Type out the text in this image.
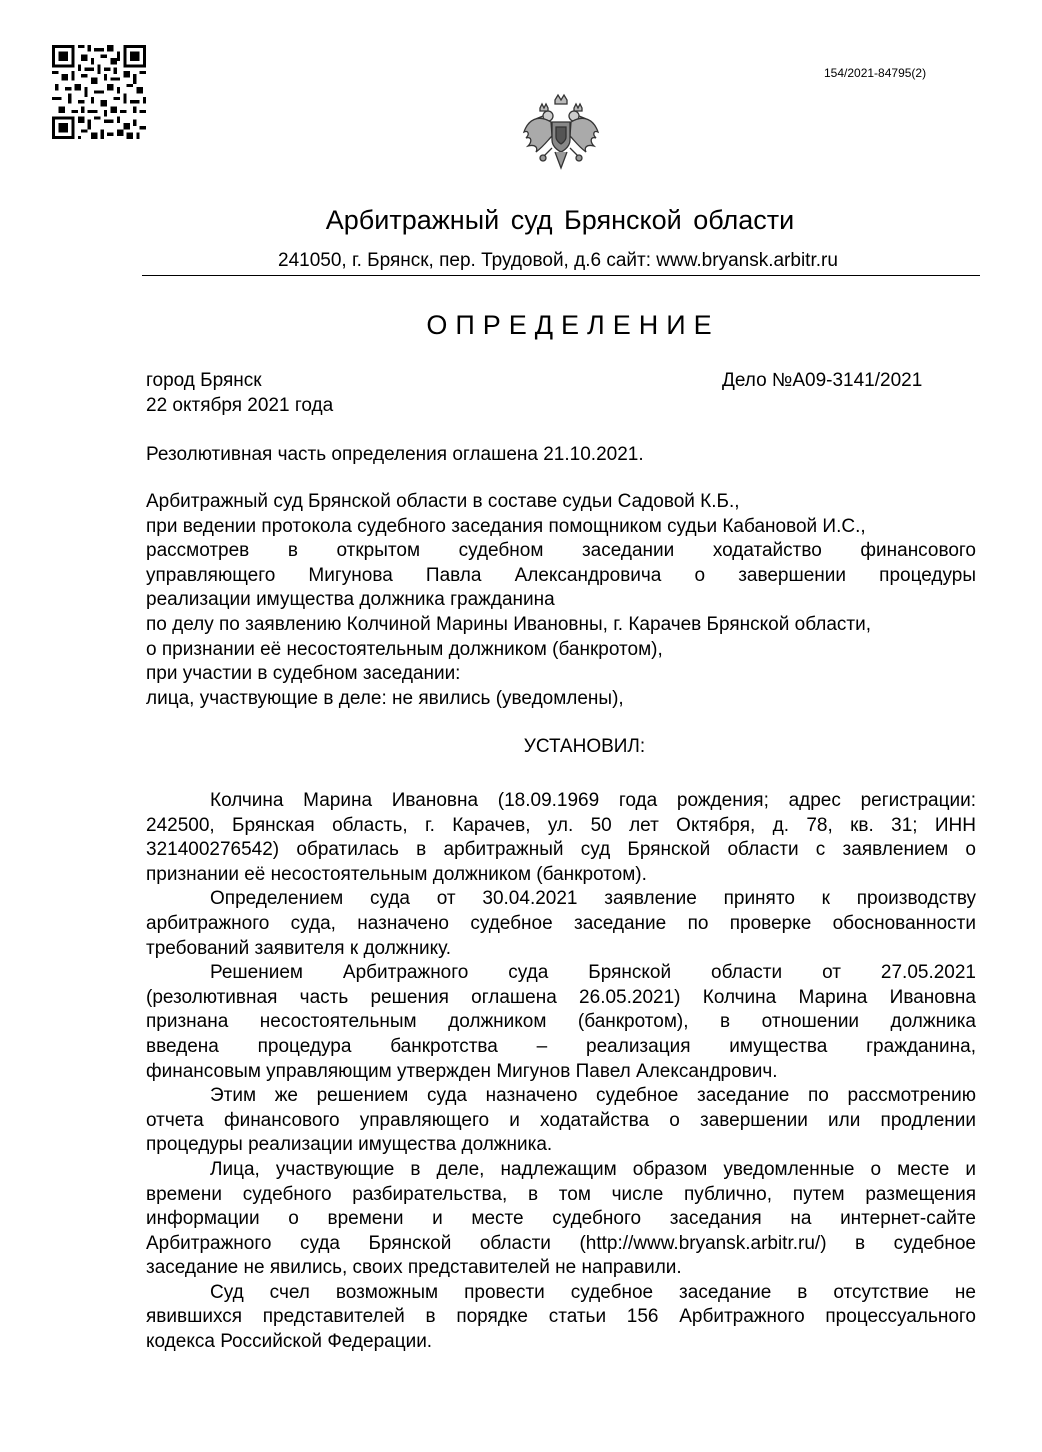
154/2021-84795(2)
Арбитражный суд Брянской области
241050, г. Брянск, пер. Трудовой, д.6 сайт: www.bryansk.arbitr.ru
ОПРЕДЕЛЕНИЕ
город Брянск
22 октября 2021 года
Дело №А09-3141/2021
Резолютивная часть определения оглашена 21.10.2021.
Арбитражный суд Брянской области в составе судьи Садовой К.Б.,
при ведении протокола судебного заседания помощником судьи Кабановой И.С.,
рассмотрев в открытом судебном заседании ходатайство финансового
управляющего Мигунова Павла Александровича о завершении процедуры
реализации имущества должника гражданина
по делу по заявлению Колчиной Марины Ивановны, г. Карачев Брянской области,
о признании её несостоятельным должником (банкротом),
при участии в судебном заседании:
лица, участвующие в деле: не явились (уведомлены),
УСТАНОВИЛ:
Колчина Марина Ивановна (18.09.1969 года рождения; адрес регистрации:
242500, Брянская область, г. Карачев, ул. 50 лет Октября, д. 78, кв. 31; ИНН
321400276542) обратилась в арбитражный суд Брянской области с заявлением о
признании её несостоятельным должником (банкротом).
Определением суда от 30.04.2021 заявление принято к производству
арбитражного суда, назначено судебное заседание по проверке обоснованности
требований заявителя к должнику.
Решением Арбитражного суда Брянской области от 27.05.2021
(резолютивная часть решения оглашена 26.05.2021) Колчина Марина Ивановна
признана несостоятельным должником (банкротом), в отношении должника
введена процедура банкротства – реализация имущества гражданина,
финансовым управляющим утвержден Мигунов Павел Александрович.
Этим же решением суда назначено судебное заседание по рассмотрению
отчета финансового управляющего и ходатайства о завершении или продлении
процедуры реализации имущества должника.
Лица, участвующие в деле, надлежащим образом уведомленные о месте и
времени судебного разбирательства, в том числе публично, путем размещения
информации о времени и месте судебного заседания на интернет-сайте
Арбитражного суда Брянской области (http://www.bryansk.arbitr.ru/) в судебное
заседание не явились, своих представителей не направили.
Суд счел возможным провести судебное заседание в отсутствие не
явившихся представителей в порядке статьи 156 Арбитражного процессуального
кодекса Российской Федерации.
